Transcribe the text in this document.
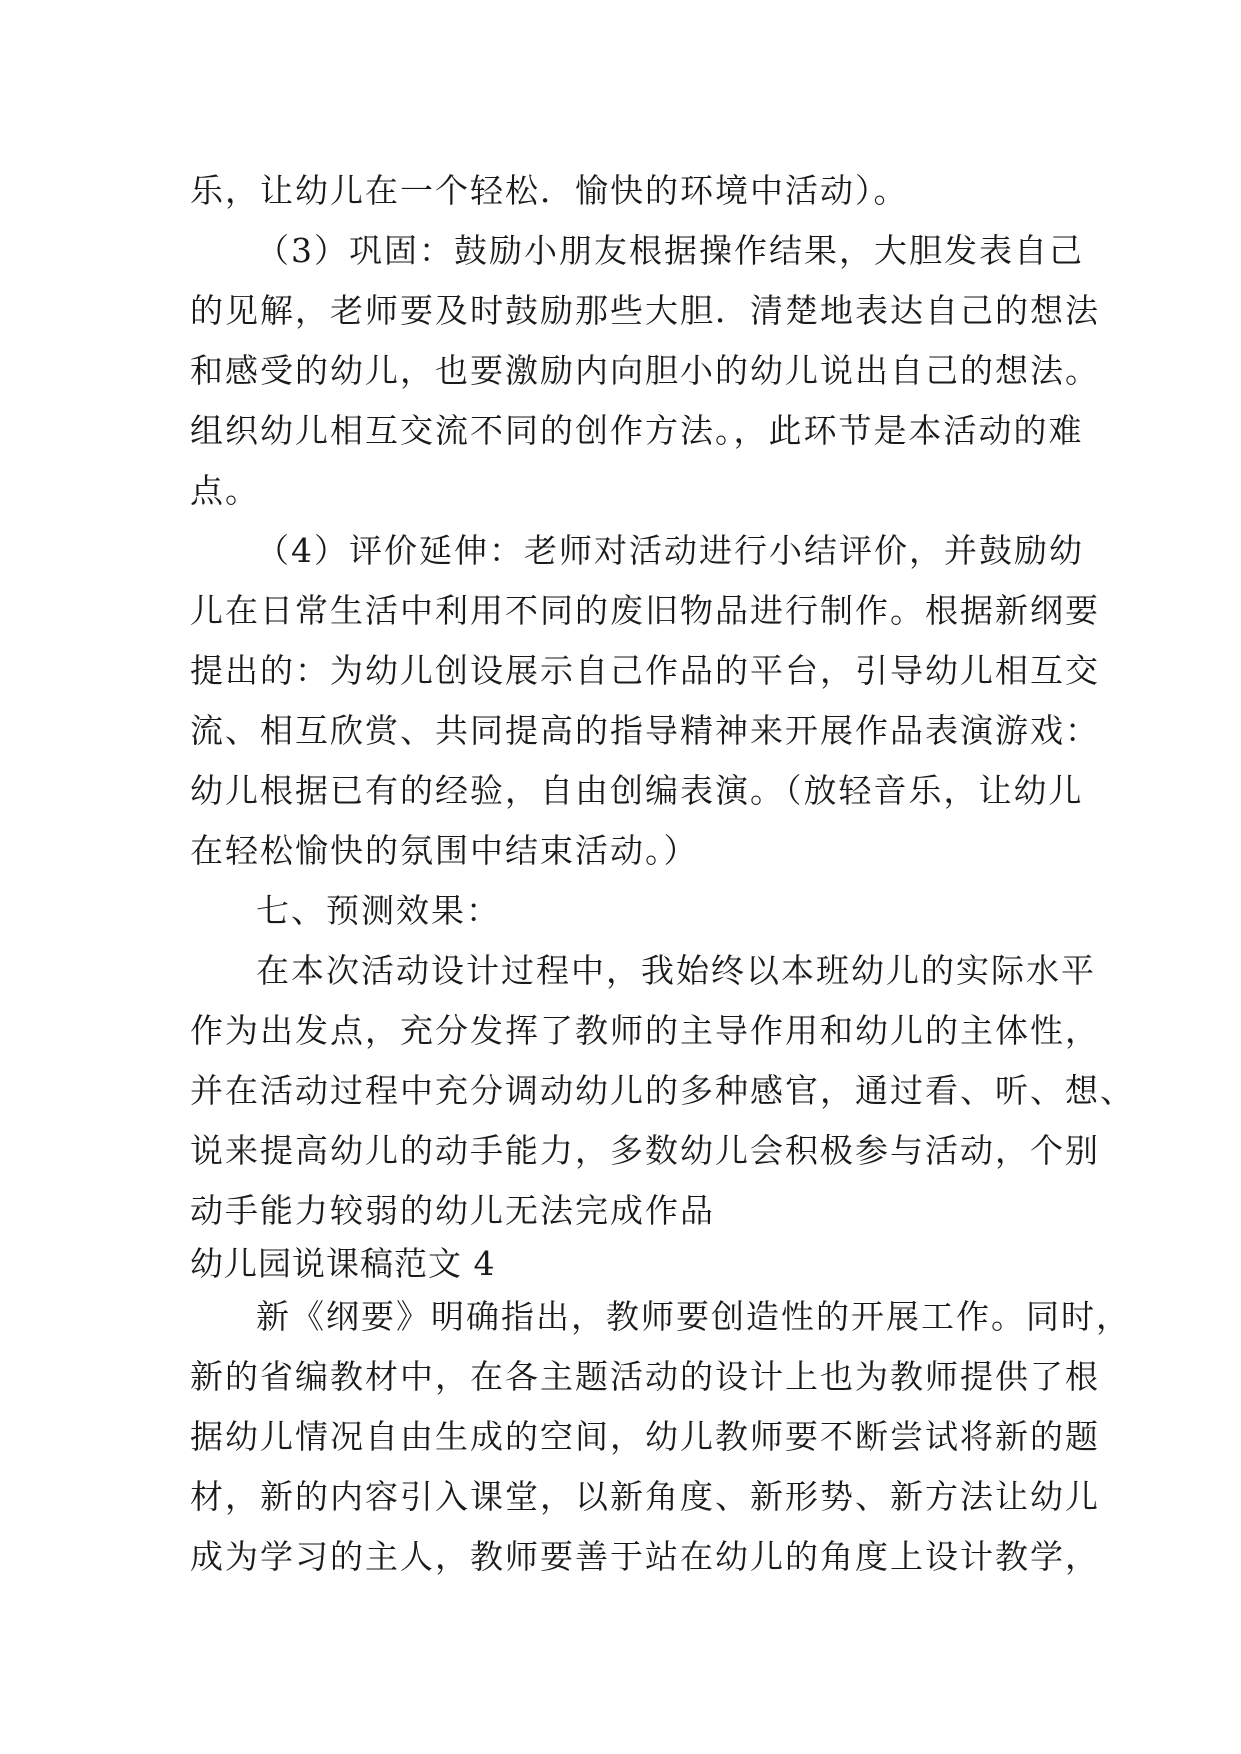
乐，让幼儿在一个轻松．愉快的环境中活动）。
（3）巩固：鼓励小朋友根据操作结果，大胆发表自己
的见解，老师要及时鼓励那些大胆．清楚地表达自己的想法
和感受的幼儿，也要激励内向胆小的幼儿说出自己的想法。
组织幼儿相互交流不同的创作方法。，此环节是本活动的难
点。
（4）评价延伸：老师对活动进行小结评价，并鼓励幼
儿在日常生活中利用不同的废旧物品进行制作。根据新纲要
提出的：为幼儿创设展示自己作品的平台，引导幼儿相互交
流、相互欣赏、共同提高的指导精神来开展作品表演游戏：
幼儿根据已有的经验，自由创编表演。（放轻音乐，让幼儿
在轻松愉快的氛围中结束活动。）
七、预测效果：
在本次活动设计过程中，我始终以本班幼儿的实际水平
作为出发点，充分发挥了教师的主导作用和幼儿的主体性，
并在活动过程中充分调动幼儿的多种感官，通过看、听、想、
说来提高幼儿的动手能力，多数幼儿会积极参与活动，个别
动手能力较弱的幼儿无法完成作品
幼儿园说课稿范文 4
新《纲要》明确指出，教师要创造性的开展工作。同时，
新的省编教材中，在各主题活动的设计上也为教师提供了根
据幼儿情况自由生成的空间，幼儿教师要不断尝试将新的题
材，新的内容引入课堂，以新角度、新形势、新方法让幼儿
成为学习的主人，教师要善于站在幼儿的角度上设计教学，
